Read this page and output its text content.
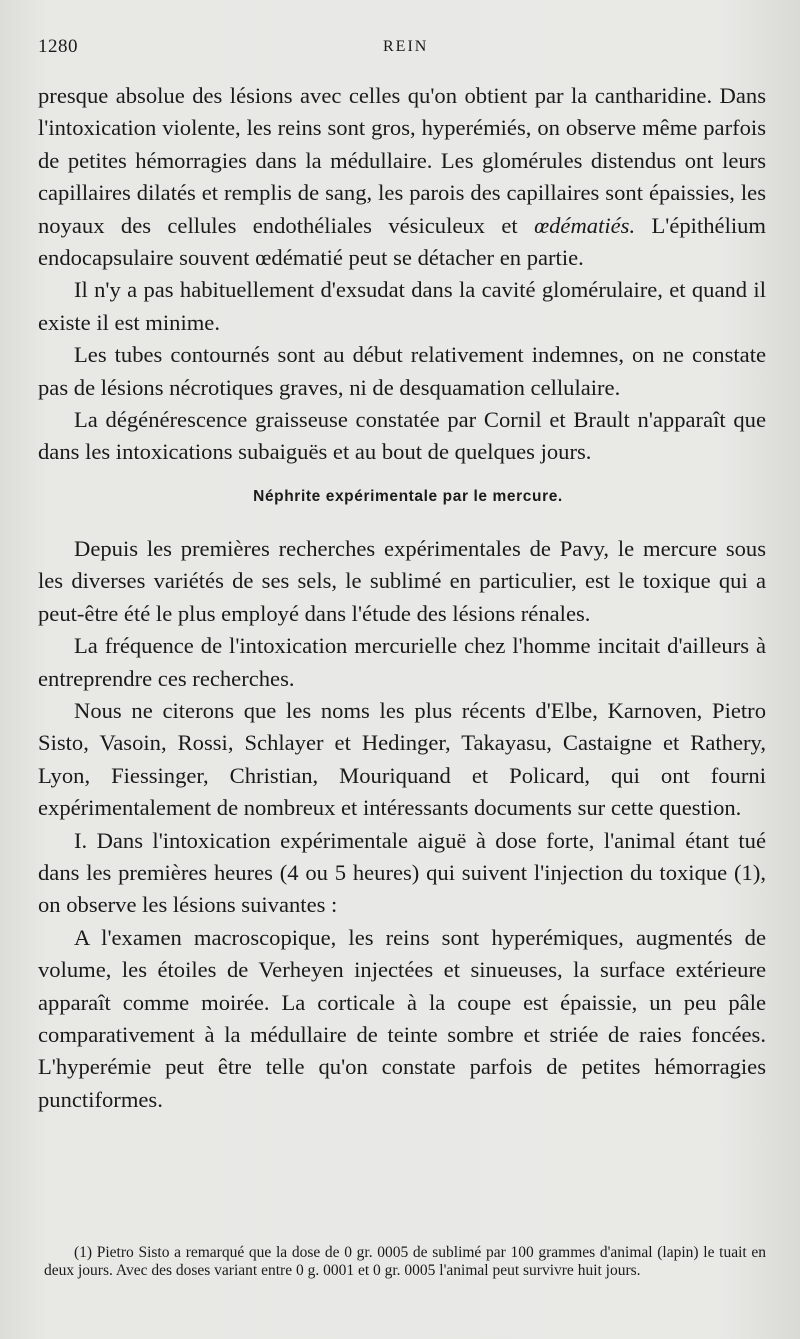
1280	REIN

presque absolue des lésions avec celles qu'on obtient par la cantharidine. Dans l'intoxication violente, les reins sont gros, hyperémiés, on observe même parfois de petites hémorragies dans la médullaire. Les glomérules distendus ont leurs capillaires dilatés et remplis de sang, les parois des capillaires sont épaissies, les noyaux des cellules endothéliales vésiculeux et œdématiés. L'épithélium endocapsulaire souvent œdématié peut se détacher en partie.

Il n'y a pas habituellement d'exsudat dans la cavité glomérulaire, et quand il existe il est minime.

Les tubes contournés sont au début relativement indemnes, on ne constate pas de lésions nécrotiques graves, ni de desquamation cellulaire.

La dégénérescence graisseuse constatée par Cornil et Brault n'apparaît que dans les intoxications subaiguës et au bout de quelques jours.

Néphrite expérimentale par le mercure.

Depuis les premières recherches expérimentales de Pavy, le mercure sous les diverses variétés de ses sels, le sublimé en particulier, est le toxique qui a peut-être été le plus employé dans l'étude des lésions rénales.

La fréquence de l'intoxication mercurielle chez l'homme incitait d'ailleurs à entreprendre ces recherches.

Nous ne citerons que les noms les plus récents d'Elbe, Karnoven, Pietro Sisto, Vasoin, Rossi, Schlayer et Hedinger, Takayasu, Castaigne et Rathery, Lyon, Fiessinger, Christian, Mouriquand et Policard, qui ont fourni expérimentalement de nombreux et intéressants documents sur cette question.

I. Dans l'intoxication expérimentale aiguë à dose forte, l'animal étant tué dans les premières heures (4 ou 5 heures) qui suivent l'injection du toxique (1), on observe les lésions suivantes :

A l'examen macroscopique, les reins sont hyperémiques, augmentés de volume, les étoiles de Verheyen injectées et sinueuses, la surface extérieure apparaît comme moirée. La corticale à la coupe est épaissie, un peu pâle comparativement à la médullaire de teinte sombre et striée de raies foncées. L'hyperémie peut être telle qu'on constate parfois de petites hémorragies punctiformes.

(1) Pietro Sisto a remarqué que la dose de 0 gr. 0005 de sublimé par 100 grammes d'animal (lapin) le tuait en deux jours. Avec des doses variant entre 0 g. 0001 et 0 gr. 0005 l'animal peut survivre huit jours.
